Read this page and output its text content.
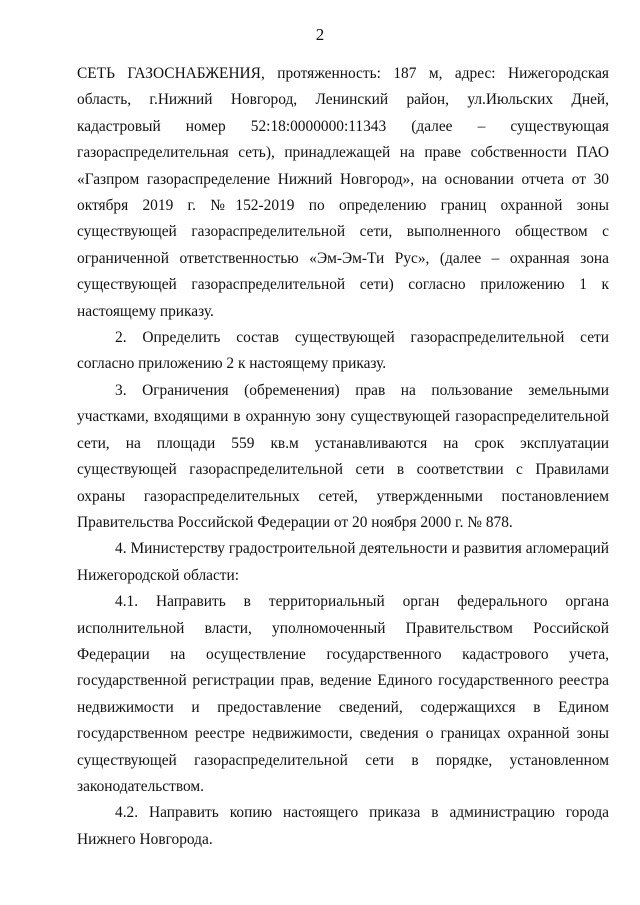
2

СЕТЬ ГАЗОСНАБЖЕНИЯ, протяженность: 187 м, адрес: Нижегородская область, г.Нижний Новгород, Ленинский район, ул.Июльских Дней, кадастровый номер 52:18:0000000:11343 (далее – существующая газораспределительная сеть), принадлежащей на праве собственности ПАО «Газпром газораспределение Нижний Новгород», на основании отчета от 30 октября 2019 г. №152-2019 по определению границ охранной зоны существующей газораспределительной сети, выполненного обществом с ограниченной ответственностью «Эм-Эм-Ти Рус», (далее – охранная зона существующей газораспределительной сети) согласно приложению 1 к настоящему приказу.

2. Определить состав существующей газораспределительной сети согласно приложению 2 к настоящему приказу.

3. Ограничения (обременения) прав на пользование земельными участками, входящими в охранную зону существующей газораспределительной сети, на площади 559 кв.м устанавливаются на срок эксплуатации существующей газораспределительной сети в соответствии с Правилами охраны газораспределительных сетей, утвержденными постановлением Правительства Российской Федерации от 20 ноября 2000 г. № 878.

4. Министерству градостроительной деятельности и развития агломераций Нижегородской области:

4.1. Направить в территориальный орган федерального органа исполнительной власти, уполномоченный Правительством Российской Федерации на осуществление государственного кадастрового учета, государственной регистрации прав, ведение Единого государственного реестра недвижимости и предоставление сведений, содержащихся в Едином государственном реестре недвижимости, сведения о границах охранной зоны существующей газораспределительной сети в порядке, установленном законодательством.

4.2. Направить копию настоящего приказа в администрацию города Нижнего Новгорода.
